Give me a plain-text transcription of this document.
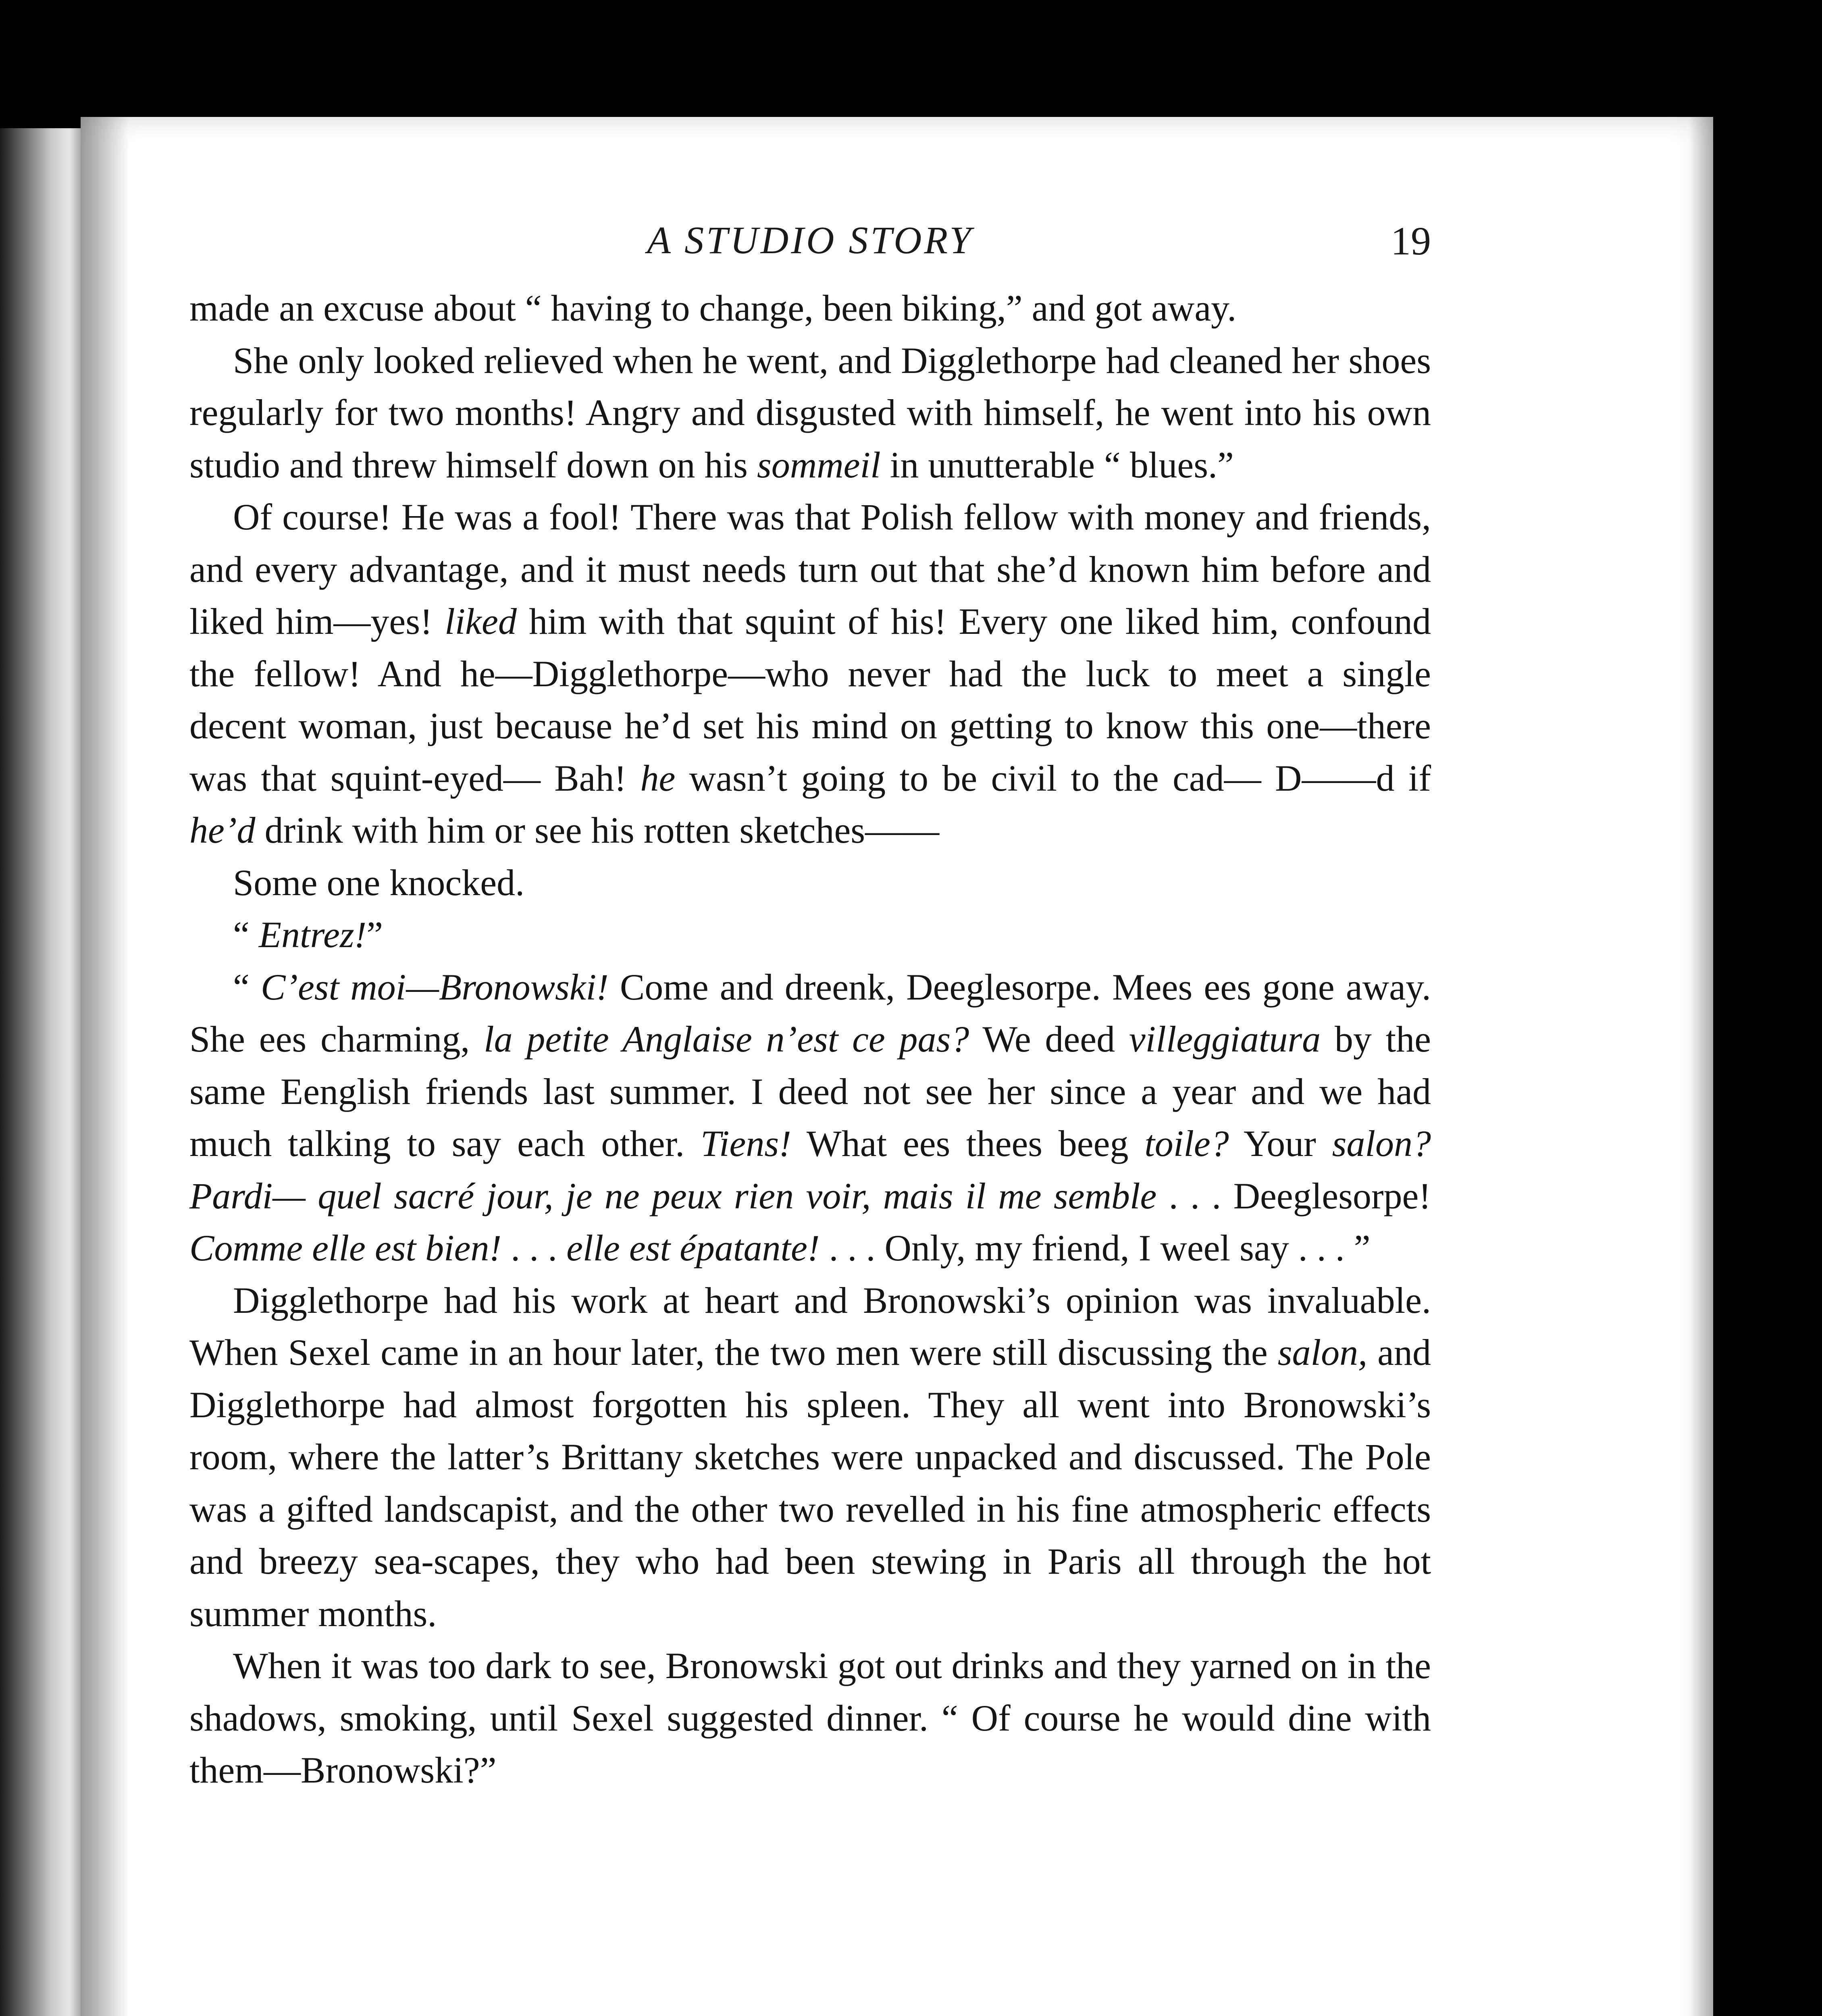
A STUDIO STORY	19

made an excuse about “ having to change, been biking,” and got away.

She only looked relieved when he went, and Digglethorpe had cleaned her shoes regularly for two months! Angry and disgusted with himself, he went into his own studio and threw himself down on his sommeil in unutterable “ blues.”

Of course! He was a fool! There was that Polish fellow with money and friends, and every advantage, and it must needs turn out that she’d known him before and liked him—yes! liked him with that squint of his! Every one liked him, confound the fellow! And he—Digglethorpe—who never had the luck to meet a single decent woman, just because he’d set his mind on getting to know this one—there was that squint-eyed— Bah! he wasn’t going to be civil to the cad— D——d if he’d drink with him or see his rotten sketches——

Some one knocked.

“ Entrez!”

“ C’est moi—Bronowski! Come and dreenk, Deeglesorpe. Mees ees gone away. She ees charming, la petite Anglaise n’est ce pas? We deed villeggiatura by the same Eenglish friends last summer. I deed not see her since a year and we had much talking to say each other. Tiens! What ees thees beeg toile? Your salon? Pardi— quel sacré jour, je ne peux rien voir, mais il me semble . . . Deeglesorpe! Comme elle est bien! . . . elle est épatante! . . . Only, my friend, I weel say . . . ”

Digglethorpe had his work at heart and Bronowski’s opinion was invaluable. When Sexel came in an hour later, the two men were still discussing the salon, and Digglethorpe had almost forgotten his spleen. They all went into Bronowski’s room, where the latter’s Brittany sketches were unpacked and discussed. The Pole was a gifted landscapist, and the other two revelled in his fine atmospheric effects and breezy sea-scapes, they who had been stewing in Paris all through the hot summer months.

When it was too dark to see, Bronowski got out drinks and they yarned on in the shadows, smoking, until Sexel suggested dinner. “ Of course he would dine with them—Bronowski?”
